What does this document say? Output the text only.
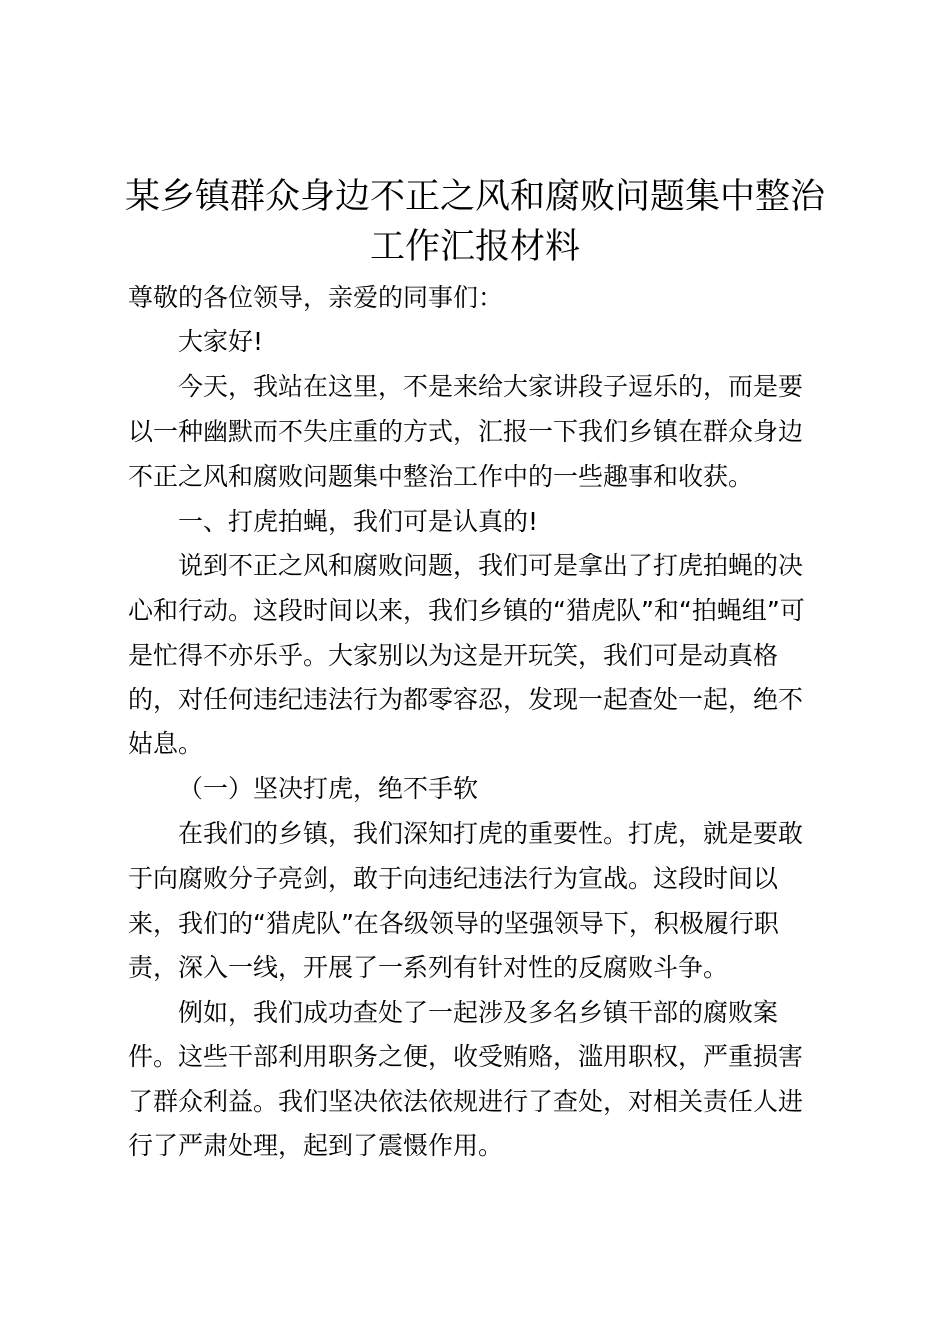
某乡镇群众身边不正之风和腐败问题集中整治
工作汇报材料
尊敬的各位领导，亲爱的同事们：
大家好!
今天，我站在这里，不是来给大家讲段子逗乐的，而是要
以一种幽默而不失庄重的方式，汇报一下我们乡镇在群众身边
不正之风和腐败问题集中整治工作中的一些趣事和收获。
一、打虎拍蝇，我们可是认真的!
说到不正之风和腐败问题，我们可是拿出了打虎拍蝇的决
心和行动。这段时间以来，我们乡镇的“猎虎队”和“拍蝇组”可
是忙得不亦乐乎。大家别以为这是开玩笑，我们可是动真格
的，对任何违纪违法行为都零容忍，发现一起查处一起，绝不
姑息。
（一）坚决打虎，绝不手软
在我们的乡镇，我们深知打虎的重要性。打虎，就是要敢
于向腐败分子亮剑，敢于向违纪违法行为宣战。这段时间以
来，我们的“猎虎队”在各级领导的坚强领导下，积极履行职
责，深入一线，开展了一系列有针对性的反腐败斗争。
例如，我们成功查处了一起涉及多名乡镇干部的腐败案
件。这些干部利用职务之便，收受贿赂，滥用职权，严重损害
了群众利益。我们坚决依法依规进行了查处，对相关责任人进
行了严肃处理，起到了震慑作用。
